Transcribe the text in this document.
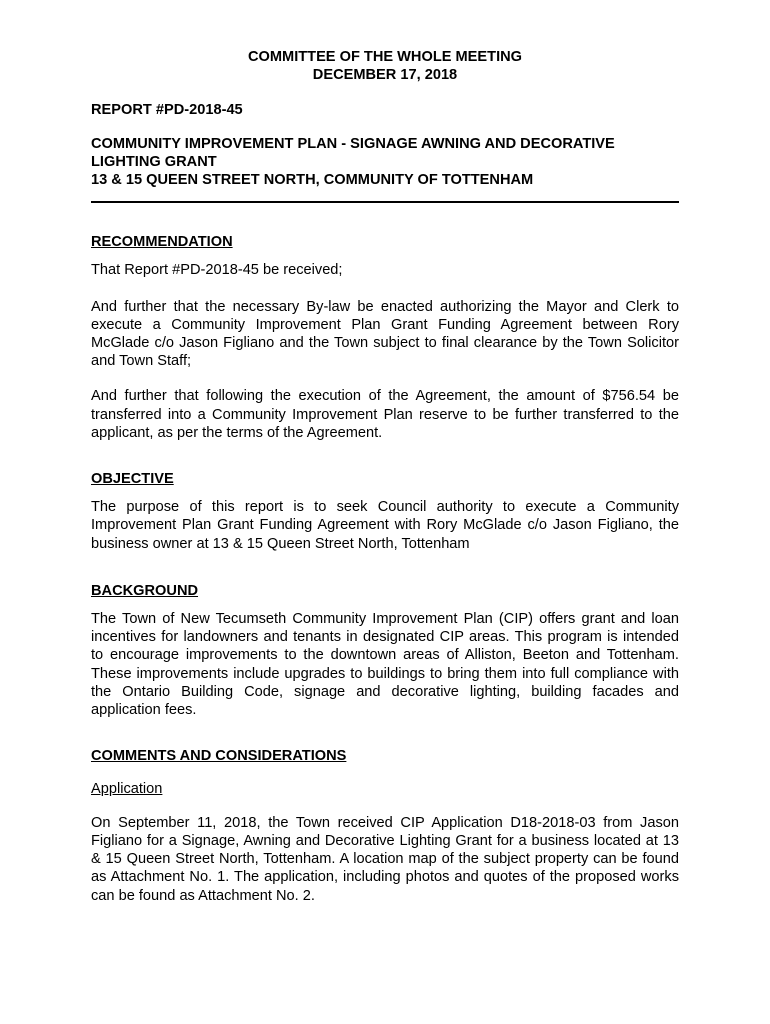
COMMITTEE OF THE WHOLE MEETING
DECEMBER 17, 2018
REPORT #PD-2018-45
COMMUNITY IMPROVEMENT PLAN - SIGNAGE AWNING AND DECORATIVE
LIGHTING GRANT
13 & 15 QUEEN STREET NORTH, COMMUNITY OF TOTTENHAM
RECOMMENDATION

That Report #PD-2018-45 be received;

And further that the necessary By-law be enacted authorizing the Mayor and Clerk to execute a Community Improvement Plan Grant Funding Agreement between Rory McGlade c/o Jason Figliano and the Town subject to final clearance by the Town Solicitor and Town Staff;

And further that following the execution of the Agreement, the amount of $756.54 be transferred into a Community Improvement Plan reserve to be further transferred to the applicant, as per the terms of the Agreement.

OBJECTIVE

The purpose of this report is to seek Council authority to execute a Community Improvement Plan Grant Funding Agreement with Rory McGlade c/o Jason Figliano, the business owner at 13 & 15 Queen Street North, Tottenham

BACKGROUND

The Town of New Tecumseth Community Improvement Plan (CIP) offers grant and loan incentives for landowners and tenants in designated CIP areas. This program is intended to encourage improvements to the downtown areas of Alliston, Beeton and Tottenham. These improvements include upgrades to buildings to bring them into full compliance with the Ontario Building Code, signage and decorative lighting, building facades and application fees.

COMMENTS AND CONSIDERATIONS
Application

On September 11, 2018, the Town received CIP Application D18-2018-03 from Jason Figliano for a Signage, Awning and Decorative Lighting Grant for a business located at 13 & 15 Queen Street North, Tottenham. A location map of the subject property can be found as Attachment No. 1. The application, including photos and quotes of the proposed works can be found as Attachment No. 2.
